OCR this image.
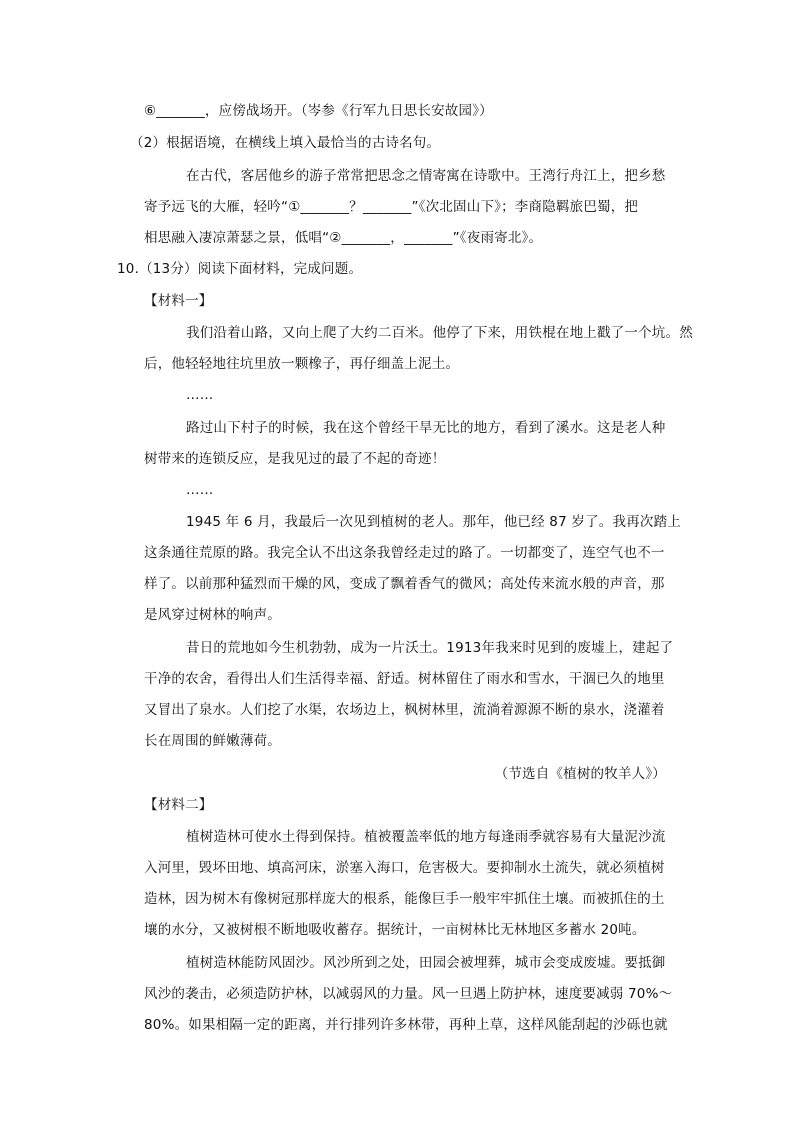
⑥_______，应傍战场开。（岑参《行军九日思长安故园》）
（2）根据语境，在横线上填入最恰当的古诗名句。
在古代，客居他乡的游子常常把思念之情寄寓在诗歌中。王湾行舟江上，把乡愁
寄予远飞的大雁，轻吟“①_______？_______”《次北固山下》；李商隐羁旅巴蜀，把
相思融入凄凉萧瑟之景，低唱“②_______，_______”《夜雨寄北》。
10.（13分）阅读下面材料，完成问题。
【材料一】
我们沿着山路，又向上爬了大约二百米。他停了下来，用铁棍在地上戳了一个坑。然
后，他轻轻地往坑里放一颗橡子，再仔细盖上泥土。
……
路过山下村子的时候，我在这个曾经干旱无比的地方，看到了溪水。这是老人种
树带来的连锁反应，是我见过的最了不起的奇迹！
……
1945 年 6 月，我最后一次见到植树的老人。那年，他已经 87 岁了。我再次踏上
这条通往荒原的路。我完全认不出这条我曾经走过的路了。一切都变了，连空气也不一
样了。以前那种猛烈而干燥的风，变成了飘着香气的微风；高处传来流水般的声音，那
是风穿过树林的响声。
昔日的荒地如今生机勃勃，成为一片沃土。1913年我来时见到的废墟上，建起了
干净的农舍，看得出人们生活得幸福、舒适。树林留住了雨水和雪水，干涸已久的地里
又冒出了泉水。人们挖了水渠，农场边上，枫树林里，流淌着源源不断的泉水，浇灌着
长在周围的鲜嫩薄荷。
（节选自《植树的牧羊人》）
【材料二】
植树造林可使水土得到保持。植被覆盖率低的地方每逢雨季就容易有大量泥沙流
入河里，毁坏田地、填高河床，淤塞入海口，危害极大。要抑制水土流失，就必须植树
造林，因为树木有像树冠那样庞大的根系，能像巨手一般牢牢抓住土壤。而被抓住的土
壤的水分，又被树根不断地吸收蓄存。据统计，一亩树林比无林地区多蓄水 20吨。
植树造林能防风固沙。风沙所到之处，田园会被埋葬，城市会变成废墟。要抵御
风沙的袭击，必须造防护林，以减弱风的力量。风一旦遇上防护林，速度要减弱 70%～
80%。如果相隔一定的距离，并行排列许多林带，再种上草，这样风能刮起的沙砾也就
